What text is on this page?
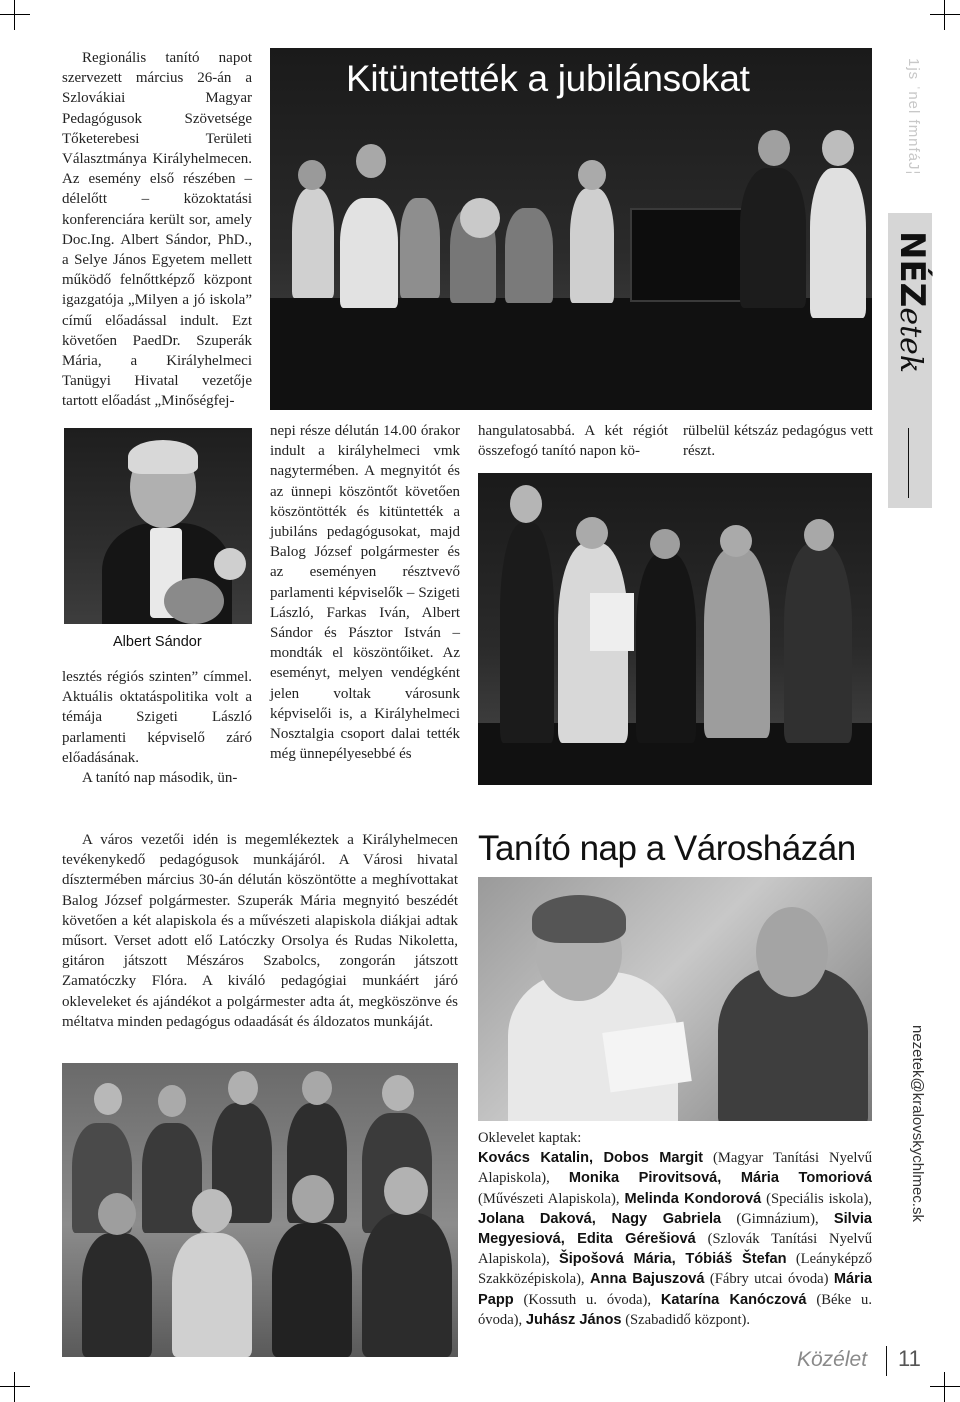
Regionális tanító napot szervezett március 26-án a Szlovákiai Magyar Pedagógusok Szövetsége Tőketerebesi Területi Választmánya Királyhelmecen. Az esemény első részében – délelőtt – közoktatási konferenciára került sor, amely Doc.Ing. Albert Sándor, PhD., a Selye János Egyetem mellett működő felnőttképző központ igazgatója „Milyen a jó iskola” című előadással indult. Ezt követően PaedDr. Szuperák Mária, a Királyhelmeci Tanügyi Hivatal vezetője tartott előadást „Minőségfej-

Albert Sándor

lesztés régiós szinten” címmel. Aktuális oktatáspolitika volt a témája Szigeti László parlamenti képviselő záró előadásának.

A tanító nap második, ün-

Kitüntették a jubilánsokat

nepi része délután 14.00 órakor indult a királyhelmeci vmk nagytermében. A megnyitót és az ünnepi köszöntőt követően köszöntötték és kitüntették a jubiláns pedagógusokat, majd Balog József polgármester és az eseményen résztvevő parlamenti képviselők – Szigeti László, Farkas Iván, Albert Sándor és Pásztor István – mondták el köszöntőiket. Az eseményt, melyen vendégként jelen voltak városunk képviselői is, a Királyhelmeci Nosztalgia csoport dalai tették még ünnepélyesebbé és

hangulatosabbá. A két régiót összefogó tanító napon kö-

rülbelül kétszáz pedagógus vett részt.

A város vezetői idén is megemlékeztek a Királyhelmecen tevékenykedő pedagógusok munkájáról. A Városi hivatal dísztermében március 30-án délután köszöntötte a meghívottakat Balog József polgármester. Szuperák Mária megnyitó beszédét követően a két alapiskola és a művészeti alapiskola diákjai adtak műsort. Verset adott elő Latóczky Orsolya és Rudas Nikoletta, gitáron játszott Mészáros Szabolcs, zongorán játszott Zamatóczky Flóra. A kiváló pedagógiai munkáért járó okleveleket és ajándékot a polgármester adta át, megköszönve és méltatva minden pedagógus odaadását és áldozatos munkáját.

Tanító nap a Városházán

Oklevelet kaptak:

Kovács Katalin, Dobos Margit (Magyar Tanítási Nyelvű Alapiskola), Monika Pirovitsová, Mária Tomoriová (Művészeti Alapiskola), Melinda Kondorová (Speciális iskola), Jolana Daková, Nagy Gabriela (Gimnázium), Silvia Megyesiová, Edita Gérešiová (Szlovák Tanítási Nyelvű Alapiskola), Šipošová Mária, Tóbiáš Štefan (Leányképző Szakközépiskola), Anna Bajuszová (Fábry utcai óvoda) Mária Papp (Kossuth u. óvoda), Katarína Kanóczová (Béke u. óvoda), Juhász János (Szabadidő központ).

1js ˈnel fmnfáJ¦
NÉZetek
nezetek@kralovskychlmec.sk
Közélet 11
